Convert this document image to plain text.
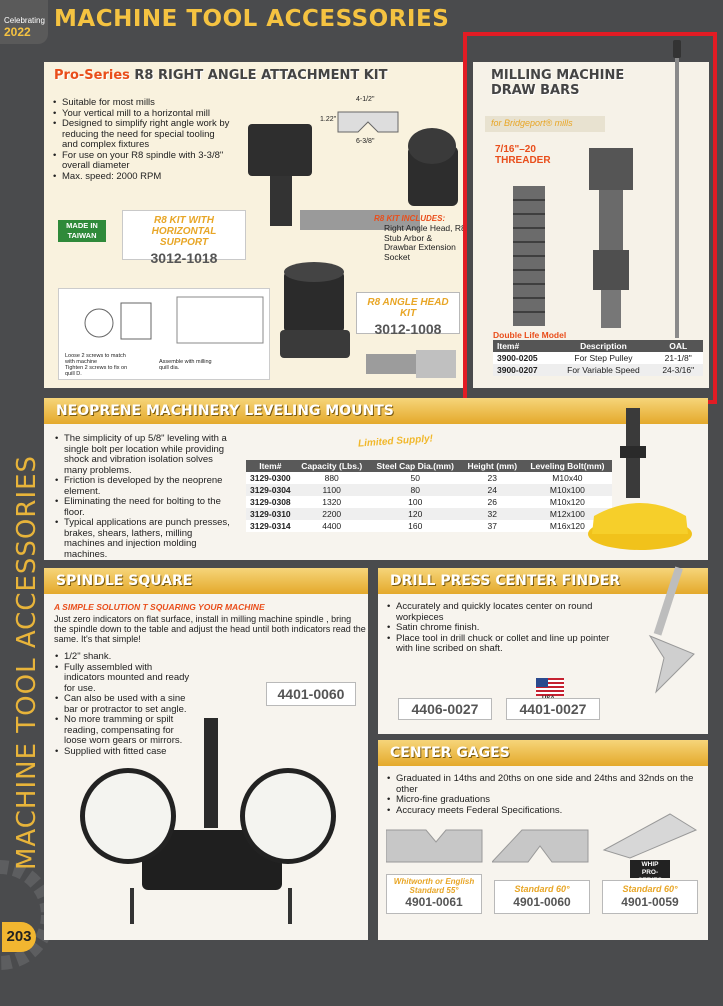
Celebrating
2022 MACHINE TOOL ACCESSORIES
MACHINE TOOL ACCESSORIES
203
Pro-Series R8 RIGHT ANGLE ATTACHMENT KIT
• Suitable for most mills
• Your vertical mill to a horizontal mill
• Designed to simplify right angle work by reducing the need for special tooling and complex fixtures
• For use on your R8 spindle with 3-3/8" overall diameter
• Max. speed: 2000 RPM
4-1/2"
1.22"
6-3/8"
MADE IN
TAIWAN
R8 KIT WITH HORIZONTAL SUPPORT
3012-1018
R8 KIT INCLUDES:
Right Angle Head, R8 Stub Arbor & Drawbar Extension Socket
Loose 2 screws to match with machine
Tighten 2 screws to fix on quill D.
Assemble with milling quill dia.
R8 ANGLE HEAD KIT
3012-1008
MILLING MACHINE
DRAW BARS
for Bridgeport® mills
7/16"–20
THREADER
Double Life Model
Item#	Description	OAL
3900-0205	For Step Pulley	21-1/8"
3900-0207	For Variable Speed	24-3/16"
NEOPRENE MACHINERY LEVELING MOUNTS
• The simplicity of up 5/8" leveling with a single bolt per location while providing shock and vibration isolation solves many problems.
• Friction is developed by the neoprene element.
• Eliminating the need for bolting to the floor.
• Typical applications are punch presses, brakes, shears, lathers, milling machines and injection molding machines.
Limited Supply!
Item#	Capacity (Lbs.)	Steel Cap Dia.(mm)	Height (mm)	Leveling Bolt(mm)
3129-0300	880	50	23	M10x40
3129-0304	1100	80	24	M10x100
3129-0308	1320	100	26	M10x120
3129-0310	2200	120	32	M12x100
3129-0314	4400	160	37	M16x120
SPINDLE SQUARE
A SIMPLE SOLUTION T SQUARING YOUR MACHINE
Just zero indicators on flat surface, install in milling machine spindle , bring the spindle down to the table and adjust the head until both indicators read the same. It's that simple!
• 1/2" shank.
• Fully assembled with indicators mounted and ready for use.
• Can also be used with a sine bar or protractor to set angle.
• No more tramming or spilt reading, compensating for loose worn gears or mirrors.
• Supplied with fitted case
4401-0060
DRILL PRESS CENTER FINDER
• Accurately and quickly locates center on round workpieces
• Satin chrome finish.
• Place tool in drill chuck or collet and line up pointer with line scribed on shaft.
4406-0027	4401-0027
CENTER GAGES
• Graduated in 14ths and 20ths on one side and 24ths and 32nds on the other
• Micro-fine graduations
• Accuracy meets Federal Specifications.
WHIP
PRO-
Whitworth or English Standard 55°
4901-0061
Standard 60°
4901-0060
Standard 60°
4901-0059
